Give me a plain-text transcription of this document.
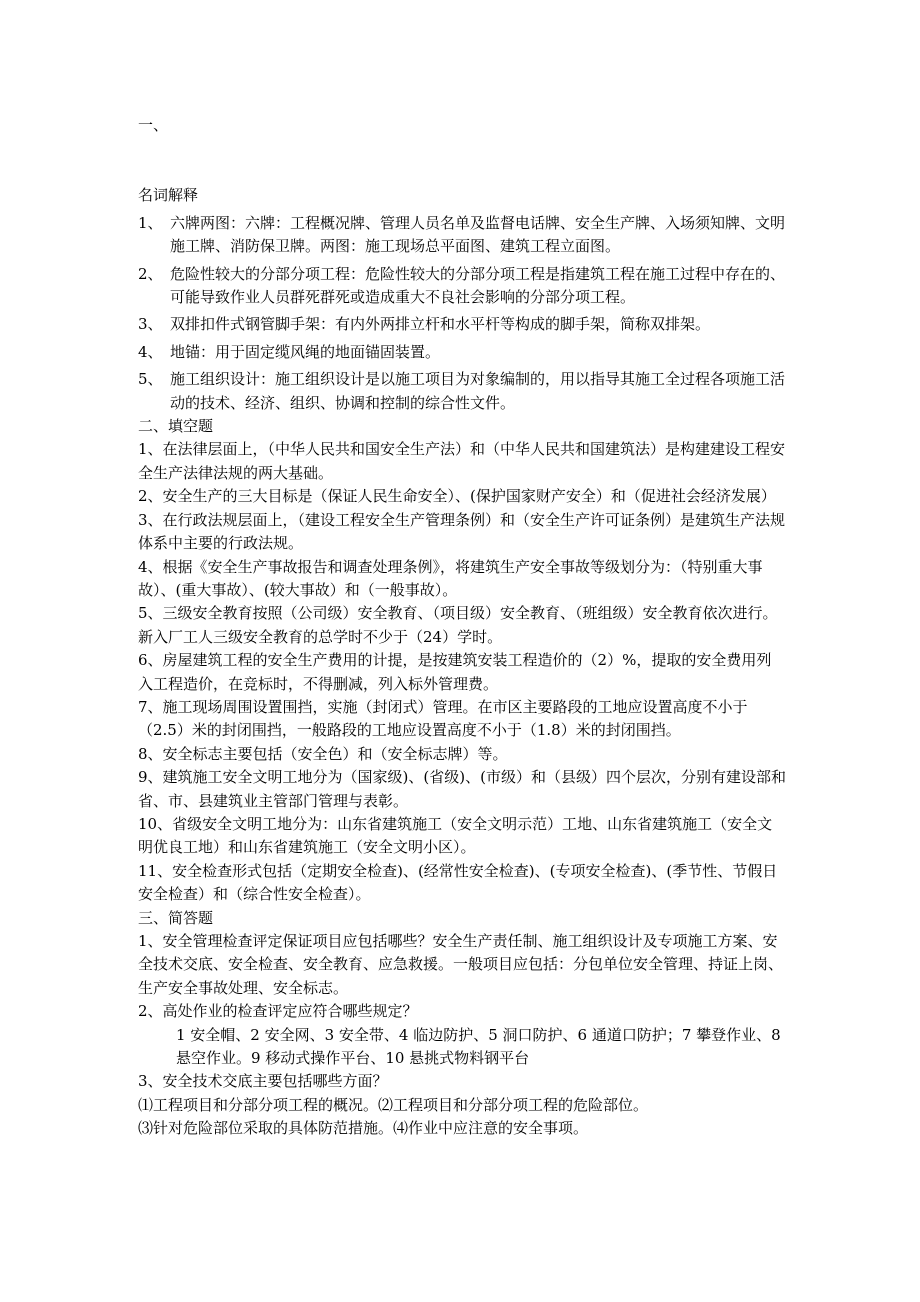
一、

名词解释

1、 六牌两图：六牌：工程概况牌、管理人员名单及监督电话牌、安全生产牌、入场须知牌、文明施工牌、消防保卫牌。两图：施工现场总平面图、建筑工程立面图。
2、 危险性较大的分部分项工程：危险性较大的分部分项工程是指建筑工程在施工过程中存在的、可能导致作业人员群死群死或造成重大不良社会影响的分部分项工程。
3、 双排扣件式钢管脚手架：有内外两排立杆和水平杆等构成的脚手架，简称双排架。
4、 地锚：用于固定缆风绳的地面锚固装置。
5、 施工组织设计：施工组织设计是以施工项目为对象编制的，用以指导其施工全过程各项施工活动的技术、经济、组织、协调和控制的综合性文件。

二、填空题

1、在法律层面上，（中华人民共和国安全生产法）和（中华人民共和国建筑法）是构建建设工程安全生产法律法规的两大基础。

2、安全生产的三大目标是（保证人民生命安全）、(保护国家财产安全）和（促进社会经济发展）

3、在行政法规层面上，（建设工程安全生产管理条例）和（安全生产许可证条例）是建筑生产法规体系中主要的行政法规。

4、根据《安全生产事故报告和调查处理条例》，将建筑生产安全事故等级划分为：（特别重大事故）、(重大事故）、(较大事故）和（一般事故）。

5、三级安全教育按照（公司级）安全教育、（项目级）安全教育、（班组级）安全教育依次进行。新入厂工人三级安全教育的总学时不少于（24）学时。

6、房屋建筑工程的安全生产费用的计提，是按建筑安装工程造价的（2）%，提取的安全费用列入工程造价，在竞标时，不得删减，列入标外管理费。

7、施工现场周围设置围挡，实施（封闭式）管理。在市区主要路段的工地应设置高度不小于（2.5）米的封闭围挡，一般路段的工地应设置高度不小于（1.8）米的封闭围挡。

8、安全标志主要包括（安全色）和（安全标志牌）等。

9、建筑施工安全文明工地分为（国家级)、(省级)、(市级）和（县级）四个层次，分别有建设部和省、市、县建筑业主管部门管理与表彰。

10、省级安全文明工地分为：山东省建筑施工（安全文明示范）工地、山东省建筑施工（安全文明优良工地）和山东省建筑施工（安全文明小区）。

11、安全检查形式包括（定期安全检查)、(经常性安全检查)、(专项安全检查)、(季节性、节假日安全检查）和（综合性安全检查）。

三、简答题

1、安全管理检查评定保证项目应包括哪些？安全生产责任制、施工组织设计及专项施工方案、安全技术交底、安全检查、安全教育、应急救援。一般项目应包括：分包单位安全管理、持证上岗、生产安全事故处理、安全标志。

2、高处作业的检查评定应符合哪些规定？

1 安全帽、2 安全网、3 安全带、4 临边防护、5 洞口防护、6 通道口防护；7 攀登作业、8 悬空作业。9 移动式操作平台、10 悬挑式物料钢平台

3、安全技术交底主要包括哪些方面？

⑴工程项目和分部分项工程的概况。⑵工程项目和分部分项工程的危险部位。

⑶针对危险部位采取的具体防范措施。⑷作业中应注意的安全事项。
